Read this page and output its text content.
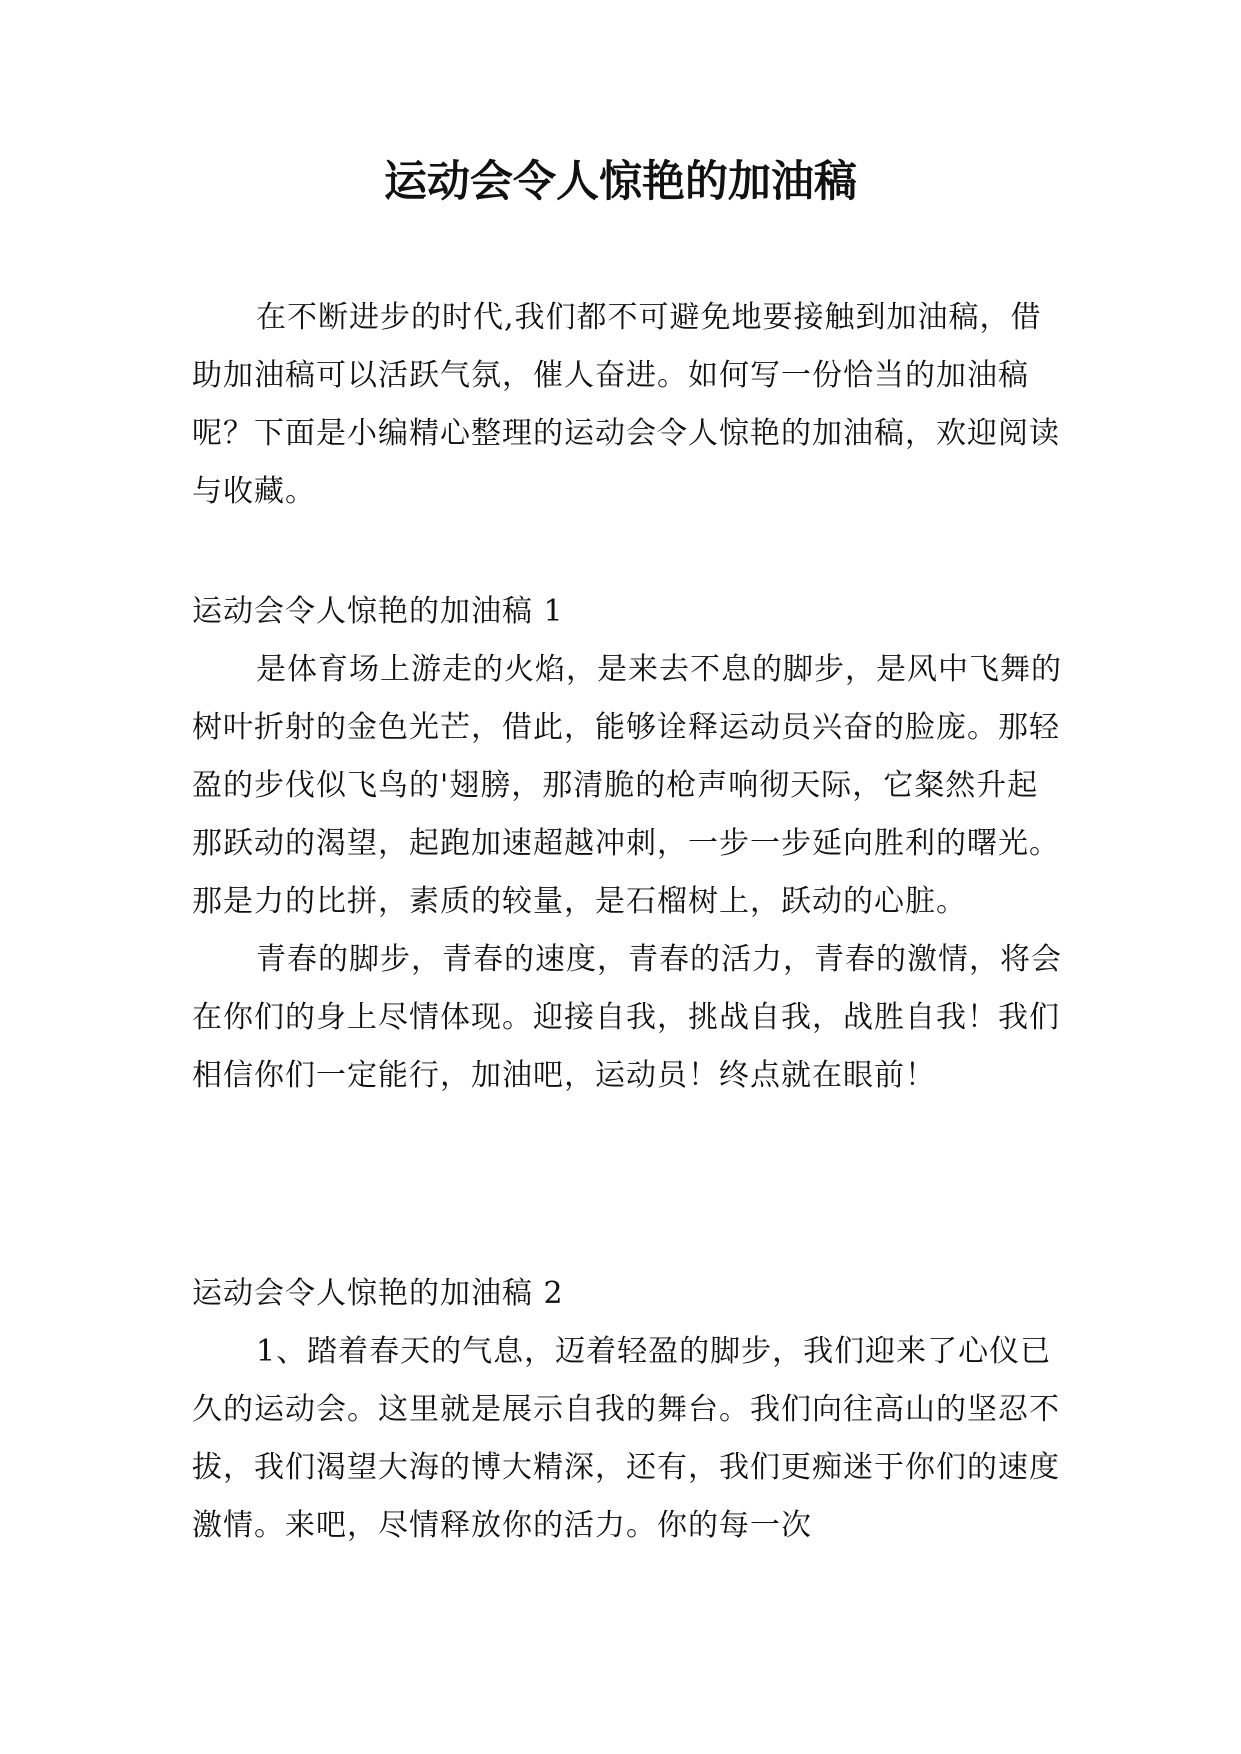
运动会令人惊艳的加油稿

在不断进步的时代,我们都不可避免地要接触到加油稿，借助加油稿可以活跃气氛，催人奋进。如何写一份恰当的加油稿呢？下面是小编精心整理的运动会令人惊艳的加油稿，欢迎阅读与收藏。

运动会令人惊艳的加油稿 1

是体育场上游走的火焰，是来去不息的脚步，是风中飞舞的树叶折射的金色光芒，借此，能够诠释运动员兴奋的脸庞。那轻盈的步伐似飞鸟的'翅膀，那清脆的枪声响彻天际，它粲然升起那跃动的渴望，起跑加速超越冲刺，一步一步延向胜利的曙光。那是力的比拼，素质的较量，是石榴树上，跃动的心脏。

青春的脚步，青春的速度，青春的活力，青春的激情，将会在你们的身上尽情体现。迎接自我，挑战自我，战胜自我！我们相信你们一定能行，加油吧，运动员！终点就在眼前！

运动会令人惊艳的加油稿 2

1、踏着春天的气息，迈着轻盈的脚步，我们迎来了心仪已久的运动会。这里就是展示自我的舞台。我们向往高山的坚忍不拔，我们渴望大海的博大精深，还有，我们更痴迷于你们的速度激情。来吧，尽情释放你的活力。你的每一次
